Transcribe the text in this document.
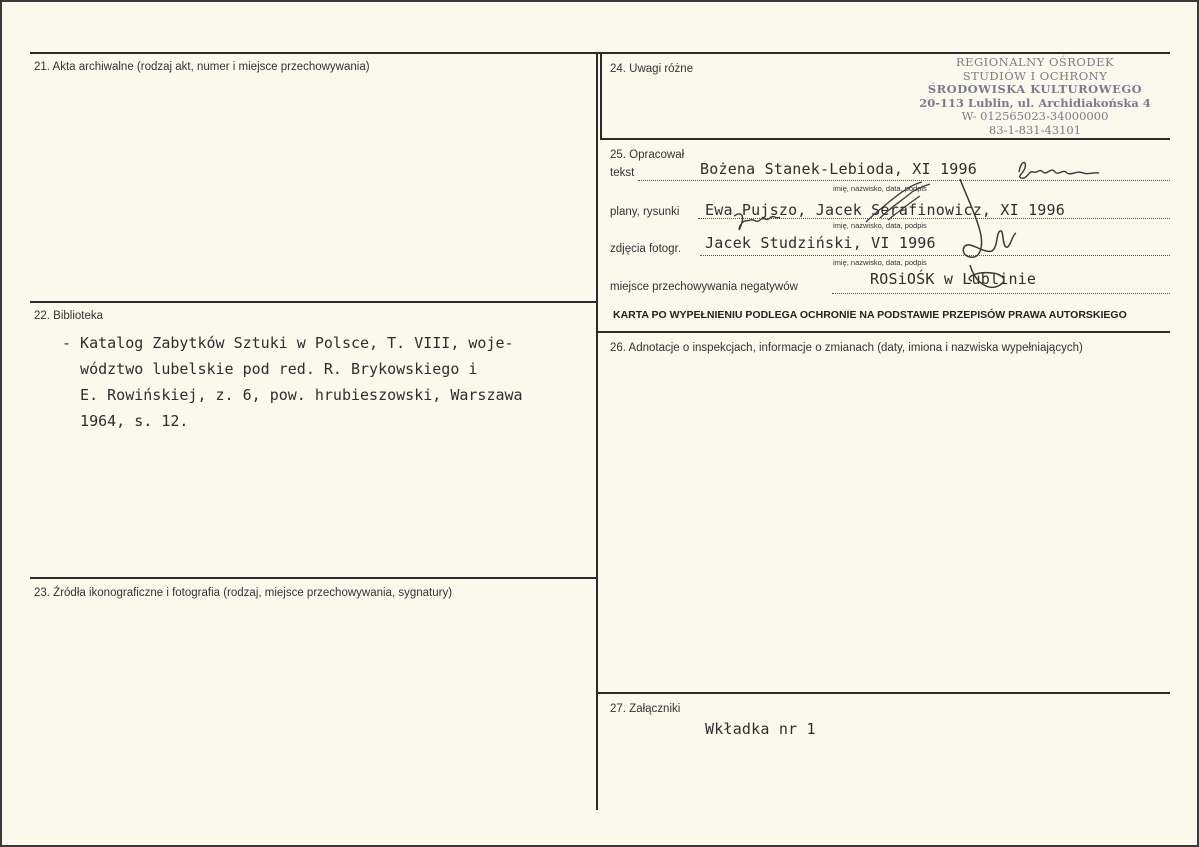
21. Akta archiwalne (rodzaj akt, numer i miejsce przechowywania)
22. Biblioteka
23. Źródła ikonograficzne i fotografia (rodzaj, miejsce przechowywania, sygnatury)
- Katalog Zabytków Sztuki w Polsce, T. VIII, woje-
wództwo lubelskie pod red. R. Brykowskiego i
E. Rowińskiej, z. 6, pow. hrubieszowski, Warszawa
1964, s. 12.
24. Uwagi różne	REGIONALNY OŚRODEK
STUDIÓW I OCHRONY
ŚRODOWISKA KULTUROWEGO
20-113 Lublin, ul. Archidiakońska 4
W- 012565023-34000000
83-1-831-43101
25. Opracował
tekst	Bożena Stanek-Lebioda, XI 1996
imię, nazwisko, data, podpis
plany, rysunki Ewa Pujszo, Jacek Serafinowicz, XI 1996
imię, nazwisko, data, podpis
zdjęcia fotogr. Jacek Studziński, VI 1996
imię, nazwisko, data, podpis
miejsce przechowywania negatywów	ROSiOŚK w Lublinie
KARTA PO WYPEŁNIENIU PODLEGA OCHRONIE NA PODSTAWIE PRZEPISÓW PRAWA AUTORSKIEGO
26. Adnotacje o inspekcjach, informacje o zmianach (daty, imiona i nazwiska wypełniających)
27. Załączniki
Wkładka nr 1
